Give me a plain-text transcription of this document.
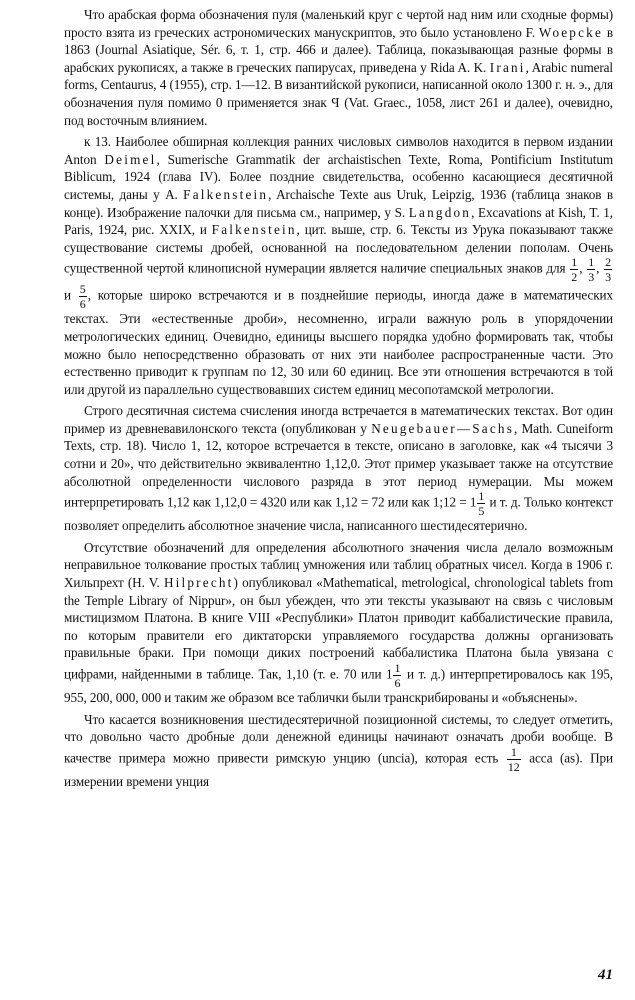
Что арабская форма обозначения пуля (маленький круг с чертой над ним или сходные формы) просто взята из греческих астрономических манускриптов, это было установлено F. Woepcke в 1863 (Journal Asiatique, Sér. 6, т. 1, стр. 466 и далее). Таблица, показывающая разные формы в арабских рукописях, а также в греческих папирусах, приведена у Rida A. K. Irani, Arabic numeral forms, Centaurus, 4 (1955), стр. 1—12. В византийской рукописи, написанной около 1300 г. н. э., для обозначения пуля помимо 0 применяется знак Ϥ (Vat. Graec., 1058, лист 261 и далее), очевидно, под восточным влиянием.

к 13. Наиболее обширная коллекция ранних числовых символов находится в первом издании Anton Deimel, Sumerische Grammatik der archaistischen Texte, Roma, Pontificium Institutum Biblicum, 1924 (глава IV). Более поздние свидетельства, особенно касающиеся десятичной системы, даны у A. Falkenstein, Archaische Texte aus Uruk, Leipzig, 1936 (таблица знаков в конце). Изображение палочки для письма см., например, у S. Langdon, Excavations at Kish, T. 1, Paris, 1924, рис. XXIX, и Falkenstein, цит. выше, стр. 6. Тексты из Урука показывают также существование системы дробей, основанной на последовательном делении пополам. Очень существенной чертой клинописной нумерации является наличие специальных знаков для $\frac{1}{2}$ , $\frac{1}{3}$ , $\frac{2}{3}$
и $\frac{5}{6}$ , которые широко встречаются и в позднейшие периоды, иногда даже в математических текстах. Эти «естественные дроби», несомненно, играли важную роль в упорядочении метрологических единиц. Очевидно, единицы высшего порядка удобно формировать так, чтобы можно было непосредственно образовать от них эти наиболее распространенные части. Это естественно приводит к группам по 12, 30 или 60 единиц. Все эти отношения встречаются в той или другой из параллельно существовавших систем единиц месопотамской метрологии.

Строго десятичная система счисления иногда встречается в математических текстах. Вот один пример из древневавилонского текста (опубликован у Neugebauer—Sachs, Math. Cuneiform Texts, стр. 18). Число 1, 12, которое встречается в тексте, описано в заголовке, как «4 тысячи 3 сотни и 20», что действительно эквивалентно 1,12,0. Этот пример указывает также на отсутствие абсолютной определенности числового разряда в этот период нумерации. Мы можем интерпретировать 1,12 как 1,12,0 = 4320 или как 1,12 = 72 или как 1;12 = $1 \frac{1}{5}$ и т. д. Только контекст позволяет определить абсолютное значение числа, написанного шестидесятерично.

Отсутствие обозначений для определения абсолютного значения числа делало возможным неправильное толкование простых таблиц умножения или таблиц обратных чисел. Когда в 1906 г. Хильпрехт (H. V. Hilprecht) опубликовал «Mathematical, metrological, chronological tablets from the Temple Library of Nippur», он был убежден, что эти тексты указывают на связь с числовым мистицизмом Платона. В книге VIII «Республики» Платон приводит каббалистические правила, по которым правители его диктаторски управляемого государства должны организовать правильные браки. При помощи диких построений каббалистика Платона была увязана с цифрами, найденными в таблице. Так, 1,10 (т. е. 70 или $1 \frac{1}{6}$ и т. д.) интерпретировалось как 195, 955, 200, 000, 000 и таким же образом все таблички были транскрибированы и «объяснены».

Что касается возникновения шестидесятеричной позиционной системы, то следует отметить, что довольно часто дробные доли денежной единицы начинают означать дроби вообще. В качестве примера можно привести римскую унцию (uncia), которая есть $\frac{1}{12}$ асса (as). При измерении времени унция

41
